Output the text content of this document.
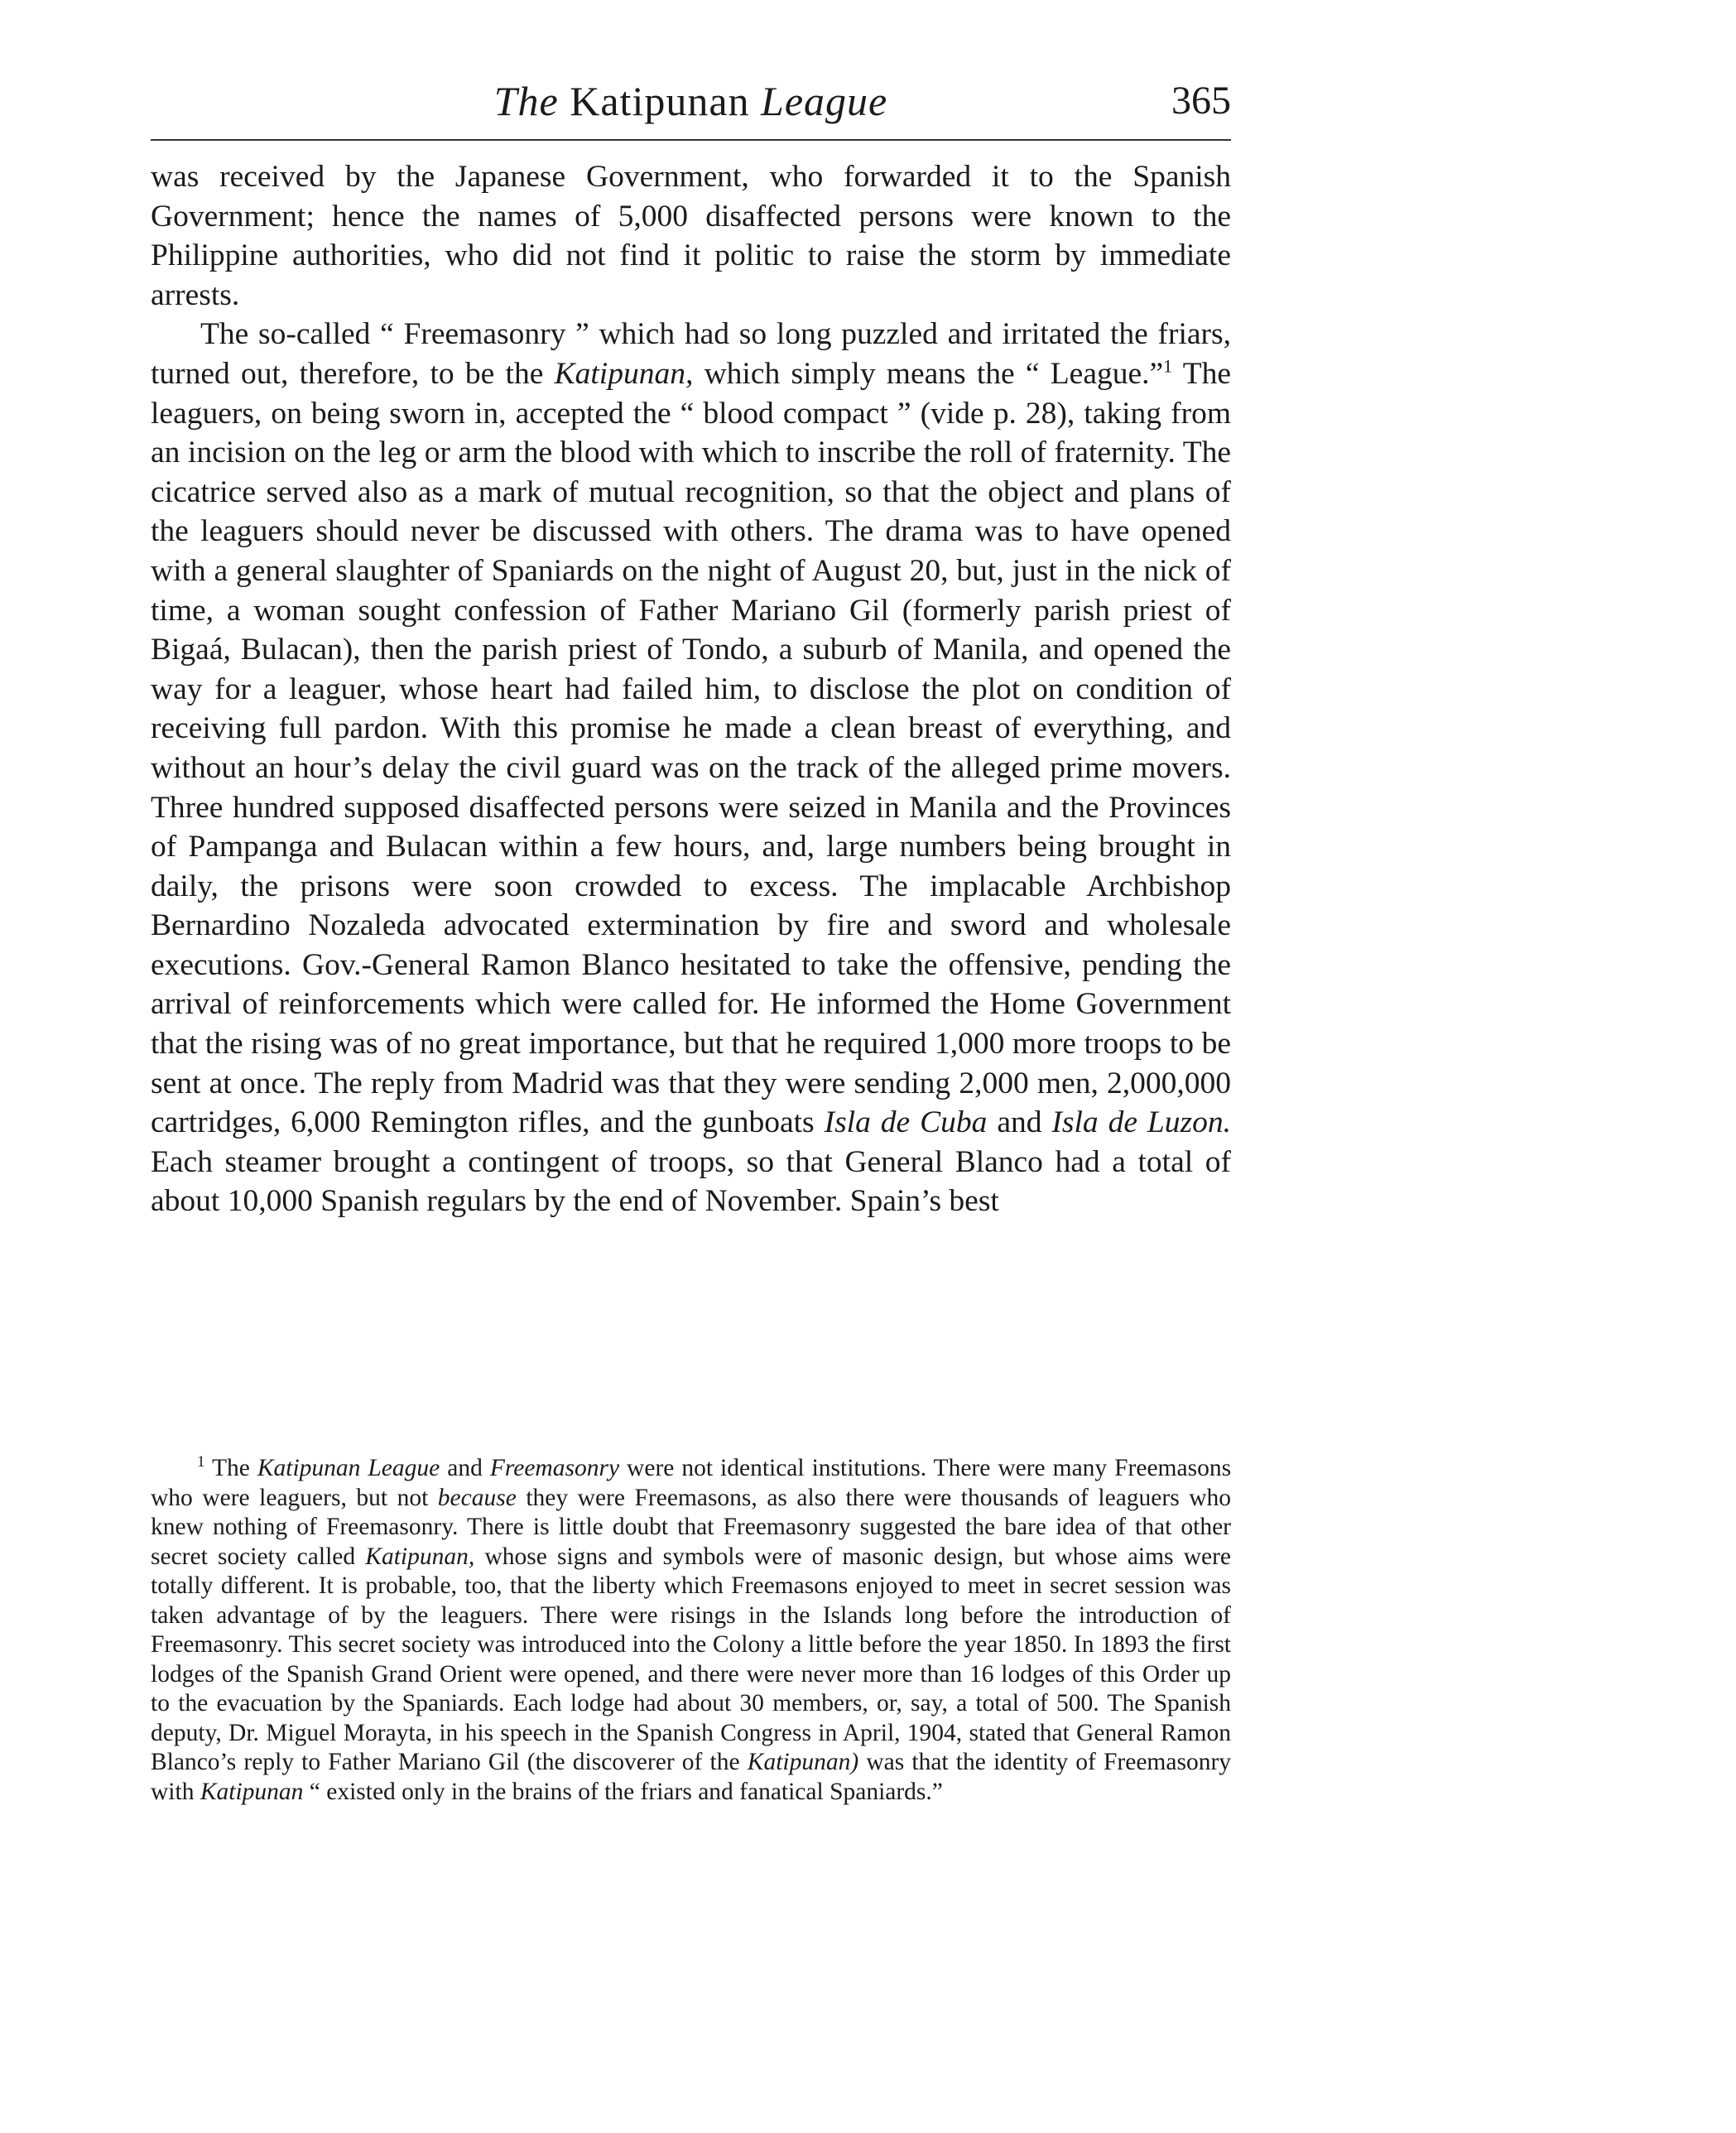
The Katipunan League	365

was received by the Japanese Government, who forwarded it to the Spanish Government; hence the names of 5,000 disaffected persons were known to the Philippine authorities, who did not find it politic to raise the storm by immediate arrests.

The so-called “ Freemasonry ” which had so long puzzled and irritated the friars, turned out, therefore, to be the Katipunan, which simply means the “ League.”$^1$ The leaguers, on being sworn in, accepted the “ blood compact ” (vide p. 28), taking from an incision on the leg or arm the blood with which to inscribe the roll of fraternity. The cicatrice served also as a mark of mutual recognition, so that the object and plans of the leaguers should never be discussed with others. The drama was to have opened with a general slaughter of Spaniards on the night of August 20, but, just in the nick of time, a woman sought confession of Father Mariano Gil (formerly parish priest of Bigaá, Bulacan), then the parish priest of Tondo, a suburb of Manila, and opened the way for a leaguer, whose heart had failed him, to disclose the plot on condition of receiving full pardon. With this promise he made a clean breast of everything, and without an hour’s delay the civil guard was on the track of the alleged prime movers. Three hundred supposed disaffected persons were seized in Manila and the Provinces of Pampanga and Bulacan within a few hours, and, large numbers being brought in daily, the prisons were soon crowded to excess. The implacable Archbishop Bernardino Nozaleda advocated extermination by fire and sword and wholesale executions. Gov.-General Ramon Blanco hesitated to take the offensive, pending the arrival of reinforcements which were called for. He informed the Home Government that the rising was of no great importance, but that he required 1,000 more troops to be sent at once. The reply from Madrid was that they were sending 2,000 men, 2,000,000 cartridges, 6,000 Remington rifles, and the gunboats Isla de Cuba and Isla de Luzon. Each steamer brought a contingent of troops, so that General Blanco had a total of about 10,000 Spanish regulars by the end of November. Spain’s best

$^1$ The Katipunan League and Freemasonry were not identical institutions. There were many Freemasons who were leaguers, but not because they were Freemasons, as also there were thousands of leaguers who knew nothing of Freemasonry. There is little doubt that Freemasonry suggested the bare idea of that other secret society called Katipunan, whose signs and symbols were of masonic design, but whose aims were totally different. It is probable, too, that the liberty which Freemasons enjoyed to meet in secret session was taken advantage of by the leaguers. There were risings in the Islands long before the introduction of Freemasonry. This secret society was introduced into the Colony a little before the year 1850. In 1893 the first lodges of the Spanish Grand Orient were opened, and there were never more than 16 lodges of this Order up to the evacuation by the Spaniards. Each lodge had about 30 members, or, say, a total of 500. The Spanish deputy, Dr. Miguel Morayta, in his speech in the Spanish Congress in April, 1904, stated that General Ramon Blanco’s reply to Father Mariano Gil (the discoverer of the Katipunan) was that the identity of Freemasonry with Katipunan “ existed only in the brains of the friars and fanatical Spaniards.”
